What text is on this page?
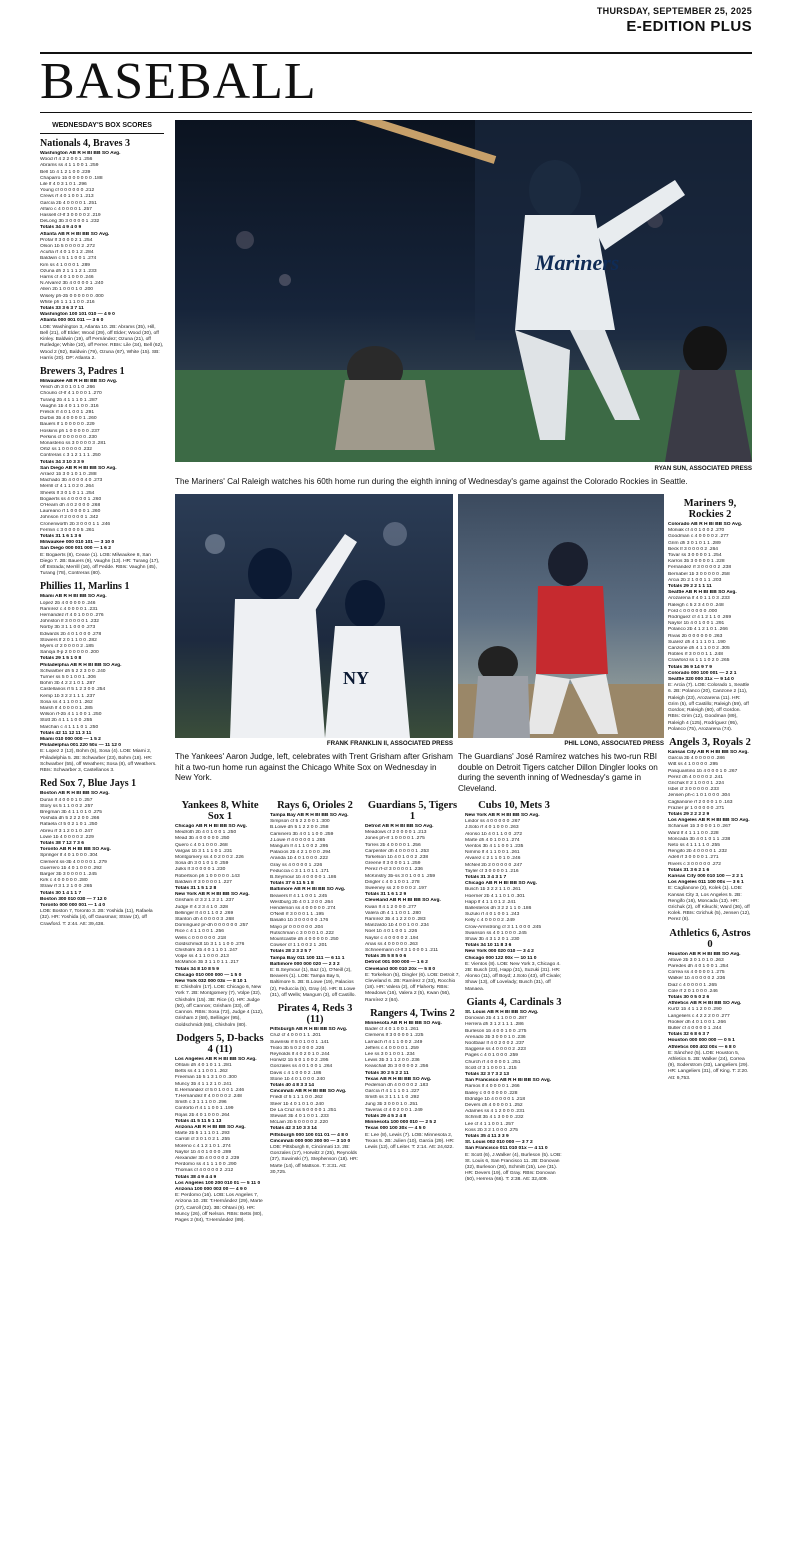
THURSDAY, SEPTEMBER 25, 2025
E-EDITION PLUS
BASEBALL
WEDNESDAY'S BOX SCORES
Nationals 4, Braves 3
Washington AB R H BI BB SO Avg.
Wood rf 4 2 2 0 0 1 .256
Abrams ss 4 1 1 0 0 1 .259
Bell 1b 4 1 2 1 0 0 .239
Chaparro 1b 0 0 0 0 0 0 .188
Lile lf 4 0 3 1 0 1 .296
Young cf 0 0 0 0 0 0 .212
Crews rf 4 0 1 0 0 1 .213
García 2b 4 0 0 0 0 1 .251
Alfaro c 4 0 0 0 0 1 .257
Hassell cf-lf 3 0 0 0 0 2 .219
DeLong 3b 3 0 0 0 0 1 .232
Totals 34 4 9 4 0 9
Atlanta AB R H BI BB SO Avg.
Profar lf 3 0 0 0 2 1 .254
Olson 1b 5 0 0 0 0 2 .272
Acuña rf 4 0 1 0 1 2 .284
Baldwin c 5 1 1 0 0 1 .274
Kim ss 4 1 0 0 0 1 .289
Ozuna dh 2 1 1 1 2 1 .233
Harris cf 4 0 1 0 0 0 .246
N.Alvarez 3b 4 0 0 0 0 1 .240
Allen 2b 1 0 0 0 1 0 .200
Wisely ph-2b 0 0 0 0 0 0 .000
White ph 1 1 1 1 0 0 .216
Totals 33 3 6 3 7 11
Washington 100 101 010 — 4 9 0
Atlanta 000 001 011 — 3 6 0
LOB: Washington 3, Atlanta 10. 2B: Abrams (35), Hill, Bell (21), off Elder; Wood (29), off Elder; Wood (30), off Kinley. Baldwin (19), off Fernández; Ozuna (21), off Rutledge; White (10), off Ferrer. RBIs: Lile (34), Bell (62), Wood 2 (92), Baldwin (79), Ozuna (67), White (15). SB: Harris (20). DP: Atlanta 2.
Brewers 3, Padres 1
Milwaukee AB R H BI BB SO Avg.
Yelich dh 3 0 1 0 1 0 .266
Chourio cf-lf 4 1 0 0 0 1 .270
Turang 2b 4 1 1 1 0 1 .287
Vaughn 1b 4 0 1 1 0 0 .316
Frelick rf 4 0 1 0 0 1 .291
Durbin 3b 4 0 0 0 0 1 .260
Bauers lf 1 0 0 0 0 0 .229
Hoskins ph 1 0 0 0 0 0 .237
Perkins cf 0 0 0 0 0 0 .230
Monasterio ss 3 0 0 0 0 3 .281
Ortiz ss 1 0 0 0 0 0 .232
Contreras c 3 1 2 1 1 1 .250
Totals 34 3 10 3 3 9
San Diego AB R H BI BB SO Avg.
Arraez 1b 3 0 1 0 1 0 .288
Machado 3b 4 0 0 0 4 0 .273
Merrill cf 4 1 1 0 2 0 .264
Sheets lf 3 0 1 0 1 1 .254
Bogaerts ss 4 0 0 0 0 1 .260
O'Hearn dh 4 0 2 0 0 0 .268
Laureano rf 1 0 0 0 0 1 .260
Johnson rf 2 0 0 0 0 1 .342
Cronenworth 2b 3 0 0 0 1 1 .246
Fermin c 3 0 0 0 0 5 .261
Totals 31 1 6 1 3 6
Milwaukee 000 010 101 — 3 10 0
San Diego 000 001 000 — 1 6 2
E: Bogaerts (8), Cease (1). LOB: Milwaukee 8, San Diego 7. 2B: Bauers (9), Vaughn (13). HR: Turang (17), off Estrada; Merrill (16), off Fedde. RBIs: Vaughn (45), Turang (78), Contreras (80).
Phillies 11, Marlins 1
Miami AB R H BI BB SO Avg.
Lopez 2b 4 0 0 0 0 0 .246
Ramírez c 4 0 0 0 0 1 .231
Hernández rf 4 0 1 0 0 0 .276
Johnston lf 3 0 0 0 0 1 .232
Norby 3b 3 1 1 0 0 0 .273
Edwards 2b 4 0 1 0 0 0 .278
Stowers lf 2 0 1 1 0 0 .282
Myers cf 2 0 0 0 0 2 .185
Sanoja lf-p 2 0 0 0 0 0 .200
Totals 29 1 5 1 0 8
Philadelphia AB R H BI BB SO Avg.
Schwarber dh 5 2 2 3 0 0 .240
Turner ss 5 0 1 0 0 1 .306
Bohm 3b 4 2 2 1 0 1 .287
Castellanos rf 5 1 2 3 0 0 .254
Kemp 1b 3 2 2 1 1 1 .237
Sosa ss 4 1 1 0 0 1 .262
Marsh lf 4 0 0 0 0 1 .285
Wilson rf-2b 4 1 1 0 0 1 .250
Stott 2b 4 1 1 1 0 0 .255
Marchan c 4 1 1 1 0 1 .250
Totals 42 11 12 11 3 11
Miami 010 000 000 — 1 5 2
Philadelphia 001 220 50x — 11 12 0
E: Lopez 2 (12), Bohm (5), Sosa (4). LOB: Miami 2, Philadelphia 5. 2B: Schwarber (23), Bohm (18). HR: Schwarber (55), off Weathers; Sosa (8), off Weathers. RBIs: Schwarber 3, Castellanos 3.
Red Sox 7, Blue Jays 1
Boston AB R H BI BB SO Avg.
Duran lf 4 0 0 0 1 0 .257
Story ss 5 1 1 0 0 2 .257
Bregman 3b 4 1 1 0 1 0 .275
Yoshida dh 5 2 2 2 0 0 .266
Rafaela cf 5 0 2 1 0 1 .250
Abreu rf 3 1 2 0 1 0 .247
Lowe 1b 4 0 0 0 0 2 .229
Totals 38 7 12 7 3 6
Toronto AB R H BI BB SO Avg.
Springer lf 4 0 1 0 0 0 .304
Clement ss-3b 4 0 0 0 0 1 .279
Guerrero 1b 4 0 1 0 0 0 .292
Barger 3b 3 0 0 0 0 1 .245
Kirk c 4 0 0 0 0 0 .280
Straw rf 3 1 2 1 0 0 .265
Totals 30 1 4 1 1 7
Boston 300 010 030 — 7 12 0
Toronto 000 000 001 — 1 4 0
LOB: Boston 7, Toronto 3. 2B: Yoshida (11), Rafaela (32). HR: Yoshida (4), off Gausman; Straw (3), off Crawford. T: 2:44. Att: 39,438.
Mariners
RYAN SUN, ASSOCIATED PRESS
The Mariners' Cal Raleigh watches his 60th home run during the eighth inning of Wednesday's game against the Colorado Rockies in Seattle.
NY
FRANK FRANKLIN II, ASSOCIATED PRESS
The Yankees' Aaron Judge, left, celebrates with Trent Grisham after Grisham hit a two-run home run against the Chicago White Sox on Wednesday in New York.
PHIL LONG, ASSOCIATED PRESS
The Guardians' José Ramírez watches his two-run RBI double on Detroit Tigers catcher Dillon Dingler looks on during the seventh inning of Wednesday's game in Cleveland.
Mariners 9, Rockies 2
Colorado AB R H BI BB SO Avg.
Moniak cf 4 0 1 0 0 2 .270
Goodman c 4 0 0 0 0 2 .277
Grim dh 3 0 1 0 1 1 .289
Beck lf 3 0 0 0 0 2 .264
Tovar ss 3 0 0 0 0 1 .254
Karros 3b 3 0 0 0 0 1 .228
Fernández rf 3 0 0 0 0 2 .238
Bernabel 1b 3 0 0 0 0 0 .258
Arcia 2b 2 1 0 0 1 1 .203
Totals 29 2 2 1 1 11
Seattle AB R H BI BB SO Avg.
Arozarena lf 4 0 1 1 0 3 .233
Raleigh c 5 2 3 4 0 0 .248
Ford c 0 0 0 0 0 0 .000
Rodríguez cf 4 1 2 1 1 0 .269
Naylor 1b 4 0 1 0 0 1 .291
Polanco 2b 4 1 2 1 0 1 .266
Rivas 2b 0 0 0 0 0 0 .263
Suárez dh 4 1 1 1 0 1 .190
Canzone dh 4 1 1 0 0 2 .305
Robles rf 3 0 0 0 1 1 .248
Crawford ss 1 1 1 0 2 0 .265
Totals 36 9 14 9 7 9
Colorado 000 100 001 — 2 2 1
Seattle 320 000 31x — 9 14 0
E: Arcia (7). LOB: Colorado 1, Seattle 6. 2B: Polanco (20), Canzone 2 (11), Raleigh (23), Arozarena (11). HR: Grim (5), off Castillo; Raleigh (59), off Gordon; Raleigh (60), off Gordon. RBIs: Grim (12), Goodman (89), Raleigh 4 (125), Rodríguez (95), Polanco (75), Arozarena (74).
Angels 3, Royals 2
Kansas City AB R H BI BB SO Avg.
García 3b 4 0 0 0 0 0 .286
Witt ss 4 1 0 0 0 0 .295
Pasquantino 1b 4 0 0 0 1 0 .267
Perez dh 4 0 0 0 0 2 .241
Grichuk lf 2 1 0 0 0 1 .224
Isbel cf 3 0 0 0 0 0 .233
Jensen ph-c 1 0 1 0 0 0 .304
Caglianone rf 2 0 0 0 1 0 .163
Frazier pr 1 0 0 0 0 0 .271
Totals 29 2 2 2 2 9
Los Angeles AB R H BI BB SO Avg.
Schanuel 1b 3 0 0 0 1 0 .267
Ward lf 4 1 1 1 0 0 .228
Moncada 3b 4 0 1 0 1 1 .238
Neto ss 4 1 1 1 1 0 .255
Rengifo 2b 4 0 0 0 0 1 .232
Adell rf 3 0 0 0 0 1 .271
Rivers c 3 0 0 0 0 0 .272
Totals 31 3 6 2 1 6
Kansas City 000 010 100 — 2 2 1
Los Angeles 011 100 00x — 3 6 1
E: Caglianone (2), Kolek (1). LOB: Kansas City 3, Los Angeles 5. 2B: Rengifo (16), Moncada (13). HR: Grichuk (2), off Kikuchi; Ward (36), off Kolek. RBIs: Grichuk (5), Jensen (12), Perez (8).
Athletics 6, Astros 0
Houston AB R H BI BB SO Avg.
Altuve 2b 3 0 1 0 1 0 .263
Paredes dh 4 0 1 0 0 1 .254
Correa ss 4 0 0 0 0 1 .275
Walker 1b 4 0 0 0 0 2 .236
Diaz c 4 0 0 0 0 1 .265
Cole rf 2 0 1 0 0 0 .246
Totals 30 0 5 0 2 6
Athletics AB R H BI BB SO Avg.
Kurtz 1b 4 1 1 2 0 0 .290
Langeliers c 4 2 2 2 0 0 .277
Rooker dh 4 0 1 0 0 1 .266
Butler cf 4 0 0 0 0 1 .244
Totals 32 6 8 6 3 7
Houston 000 000 000 — 0 5 1
Athletics 000 402 00x — 6 8 0
E: Sánchez (5). LOB: Houston 5, Athletics 5. 2B: Walker (24), Correa (9), Soderstrom (33), Langeliers (29). HR: Langeliers (31), off King. T: 2:20. Att: 9,753.
Yankees 8, White Sox 1
Chicago AB R H BI BB SO Avg.
Meidroth 2b 4 0 1 0 0 1 .250
Mead 3b 4 0 0 0 0 0 .250
Quero c 4 0 1 0 0 0 .268
Vargas 1b 3 1 1 1 0 1 .231
Montgomery ss 4 0 2 0 0 2 .226
Sosa dh 3 0 1 0 1 0 .259
Julks lf 3 0 0 0 0 1 .230
Robertson ph 1 0 0 0 0 0 .143
Baldwin rf 3 0 0 0 0 1 .227
Totals 31 1 5 1 2 8
New York AB R H BI BB SO Avg.
Grisham cf 3 2 1 2 2 1 .237
Judge rf 4 2 3 4 1 0 .328
Bellinger lf 4 0 1 1 0 2 .269
Stanton dh 4 0 0 0 0 3 .268
Domínguez pr-dh 0 0 0 0 0 0 .257
Rice c 4 1 1 0 0 1 .256
Wells c 0 0 0 0 0 0 .218
Goldschmidt 1b 3 1 1 1 0 0 .276
Chisholm 2b 4 0 1 1 0 1 .247
Volpe ss 4 1 1 0 0 0 .213
McMahon 3b 3 1 1 0 1 1 .217
Totals 34 8 10 8 5 9
Chicago 010 000 000 — 1 5 0
New York 032 000 03x — 8 10 1
E: Chisholm (17). LOB: Chicago 6, New York 7. 2B: Montgomery (7), Volpe (32), Chisholm (15). 3B: Rice (4). HR: Judge (50), off Cannon; Grisham (33), off Cannon. RBIs: Sosa (72), Judge 4 (112), Grisham 2 (68), Bellinger (95), Goldschmidt (65), Chisholm (80).
Dodgers 5, D-backs 4 (11)
Los Angeles AB R H BI BB SO Avg.
Ohtani dh 4 0 1 0 1 1 .281
Betts ss 4 1 1 0 0 1 .262
Freeman 1b 5 1 3 1 0 0 .300
Muncy 3b 4 1 1 2 1 0 .241
E.Hernández cf 5 0 1 0 0 1 .246
T.Hernández lf 4 0 0 0 0 2 .248
Smith c 3 1 1 1 0 0 .296
Conforto rf 4 1 1 0 0 1 .199
Rojas 2b 4 0 1 0 0 0 .264
Totals 41 5 11 5 1 13
Arizona AB R H BI BB SO Avg.
Marte 2b 5 1 1 1 0 1 .293
Carroll cf 3 0 1 0 2 1 .255
Moreno c 4 1 2 1 0 1 .274
Naylor 1b 4 0 1 0 0 0 .289
Alexander 3b 4 0 0 0 0 2 .239
Perdomo ss 4 1 1 1 0 0 .290
Thomas cf 4 0 0 0 0 2 .212
Totals 38 4 9 4 4 9
Los Angeles 100 200 010 01 — 5 11 0
Arizona 100 000 003 00 — 4 9 0
E: Perdomo (16). LOB: Los Angeles 7, Arizona 10. 2B: T.Hernández (29), Marte (27), Carroll (32). 3B: Ohtani (9). HR: Muncy (26), off Nelson. RBIs: Betts (80), Pages 2 (84), T.Hernández (89).
Rays 6, Orioles 2
Tampa Bay AB R H BI BB SO Avg.
Simpson cf 5 2 2 0 0 1 .300
B.Lowe dh 5 1 2 2 0 0 .258
Caminero 3b 4 0 1 1 0 0 .259
J.Lowe rf 4 0 0 0 0 1 .265
Mangum lf 4 1 1 0 0 2 .295
Palacios 2b 4 2 1 0 0 0 .294
Aranda 1b 4 0 1 0 0 0 .222
Gray ss 4 0 0 0 0 1 .226
Feduccia c 3 1 1 0 1 1 .171
B.Seymour 1b 4 0 0 0 0 1 .186
Totals 37 6 11 5 1 8
Baltimore AB R H BI BB SO Avg.
Beavers lf 4 1 1 0 0 1 .245
Westburg 2b 4 0 1 2 0 0 .264
Henderson ss 4 0 0 0 0 0 .274
O'Neill rf 3 0 0 0 1 1 .195
Basallo 1b 3 0 0 0 0 0 .176
Mayo pr 0 0 0 0 0 0 .204
Rutschman c 3 0 0 0 1 0 .222
Mountcastle dh 4 0 0 0 0 0 .250
Cowser cf 1 1 0 0 2 1 .201
Totals 28 2 3 2 5 7
Tampa Bay 011 100 111 — 6 11 1
Baltimore 000 000 020 — 2 3 2
E: B.Seymour (1), Baz (1), O'Neill (2), Beavers (1). LOB: Tampa Bay 5, Baltimore 5. 2B: B.Lowe (19), Palacios (2), Feduccia (5), Gray (4). HR: B.Lowe (31), off Wells; Mangum (3), off Castillo.
Pirates 4, Reds 3 (11)
Pittsburgh AB R H BI BB SO Avg.
Cruz cf 4 0 0 0 1 1 .201
Suwinski rf 5 0 1 0 0 1 .141
Triolo 3b 5 0 2 0 0 0 .226
Reynolds lf 4 0 2 0 1 0 .244
Horwitz 1b 5 0 1 0 0 2 .295
Gonzales ss 4 0 1 0 0 1 .264
Davis c 4 1 0 0 0 2 .186
Stone 1b 4 0 1 0 0 0 .240
Totals 40 4 8 3 3 14
Cincinnati AB R H BI BB SO Avg.
Friedl cf 5 1 1 1 0 0 .262
Steer 1b 4 0 1 0 1 0 .240
De La Cruz ss 5 0 0 0 0 1 .251
Stewart 3b 4 0 1 0 0 1 .233
McLain 2b 5 0 0 0 0 2 .220
Totals 42 3 10 3 3 14
Pittsburgh 000 100 011 01 — 4 8 0
Cincinnati 000 000 300 00 — 3 10 0
LOB: Pittsburgh 8, Cincinnati 13. 2B: Gonzales (17), Horwitz 2 (25), Reynolds (37), Suwinski (7), Stephenson (18). HR: Marte (14), off Mattson. T: 3:31. Att: 30,725.
Guardians 5, Tigers 1
Detroit AB R H BI BB SO Avg.
Meadows cf 2 0 0 0 0 1 .213
Jones ph-rf 1 0 0 0 0 1 .275
Torres 2b 4 0 0 0 0 1 .256
Carpenter dh 4 0 0 0 0 1 .253
Torkelson 1b 4 0 1 0 0 2 .238
Greene lf 3 0 0 0 1 1 .259
Pérez rf-cf 3 0 0 0 0 1 .236
McKinstry 3b-ss 3 0 1 0 0 1 .259
Dingler c 4 0 1 0 0 1 .278
Sweeney ss 2 0 0 0 0 2 .197
Totals 31 1 6 1 2 9
Cleveland AB R H BI BB SO Avg.
Kwan lf 4 1 2 0 0 0 .277
Valera dh 4 1 1 0 0 1 .280
Ramírez 3b 4 1 2 2 0 0 .283
Manzardo 1b 4 0 0 1 0 0 .234
Noel 1b 4 0 1 0 0 1 .226
Naylor c 4 0 0 0 0 2 .194
Arias ss 4 0 0 0 0 0 .263
Schneemann cf-lf 3 1 0 0 0 1 .211
Totals 35 5 8 5 0 6
Detroit 001 000 000 — 1 6 2
Cleveland 000 010 20x — 5 8 0
E: Torkelson (5), Dingler (6). LOB: Detroit 7, Cleveland 6. 2B: Ramírez 2 (33), Rocchio (18). HR: Valera (2), off Flaherty. RBIs: Meadows (16), Valera 2 (5), Kwan (56), Ramírez 2 (84).
Rangers 4, Twins 2
Minnesota AB R H BI BB SO Avg.
Bader cf 4 0 1 0 0 1 .261
Clemens lf 3 0 0 0 0 1 .225
Larnach rf 4 1 1 0 0 2 .249
Jeffers c 4 0 0 0 0 1 .259
Lee ss 3 0 1 0 0 1 .234
Lewis 3b 3 1 1 2 0 0 .236
Keaschall 2b 3 0 0 0 0 2 .256
Totals 30 2 5 2 2 11
Texas AB R H BI BB SO Avg.
Pederson dh 4 0 0 0 0 2 .183
García rf 4 1 1 1 0 1 .227
Smith ss 3 1 1 1 1 0 .292
Jung 3b 3 0 0 0 1 0 .251
Taveras cf 4 0 2 0 0 1 .249
Totals 29 4 5 2 4 8
Minnesota 100 000 010 — 2 5 2
Texas 000 100 30x — 4 5 0
E: Lee (8), Lewis (7). LOB: Minnesota 2, Texas 5. 2B: Julien (10), Garcia (29). HR: Lewis (12), off Leiter. T: 2:14. Att: 24,622.
Cubs 10, Mets 3
New York AB R H BI BB SO Avg.
Lindor ss 4 0 0 0 0 0 .267
J.Soto rf 4 0 1 0 0 0 .263
Alonso 1b 4 0 1 1 0 0 .272
Marte dh 4 0 1 0 0 1 .274
Vientos 3b 4 1 1 0 0 1 .235
Nimmo lf 4 1 1 0 0 1 .261
Alvarez c 2 1 1 0 1 0 .246
McNeil 2b 2 0 0 0 0 0 .247
Tayler cf 3 0 0 0 0 1 .216
Totals 31 3 4 3 1 7
Chicago AB R H BI BB SO Avg.
Busch 1b 3 2 2 1 1 0 .261
Hoerner 2b 4 1 1 0 1 0 .301
Happ lf 4 1 1 0 1 2 .241
Ballesteros dh 3 2 2 1 1 0 .186
Suzuki rf 4 0 1 0 0 1 .243
Kelly c 4 0 0 0 0 2 .249
Crow-Armstrong cf 3 1 1 0 0 0 .245
Swanson ss 4 0 1 0 0 0 .245
Shaw 3b 4 3 1 2 0 1 .230
Totals 34 10 11 8 3 6
New York 000 020 010 — 3 4 2
Chicago 000 122 00x — 10 11 0
E: Vientos (8). LOB: New York 3, Chicago 4. 2B: Busch (23), Happ (31), Suzuki (31). HR: Alonso (11), off Boyd; J.Soto (43), off Civale; Shaw (13), off Lovelady; Busch (31), off Manaea.
Giants 4, Cardinals 3
St. Louis AB R H BI BB SO Avg.
Donovan 2b 4 1 1 0 0 0 .287
Herrera dh 3 1 2 1 1 1 .286
Burleson 1b 4 0 0 1 0 0 .275
Arenado 3b 3 0 0 0 1 0 .236
Nootbaar lf 4 0 2 0 0 2 .237
Saggese ss 4 0 0 0 0 2 .223
Pagés c 4 0 1 0 0 0 .259
Church rf 4 0 0 0 0 1 .251
Scott cf 3 1 0 0 0 1 .215
Totals 32 3 7 3 2 13
San Francisco AB R H BI BB SO Avg.
Ramos lf 4 0 0 0 0 1 .266
Bailey c 0 0 0 0 0 0 .228
Eldridge 1b 4 0 0 0 0 1 .218
Devers dh 4 0 0 0 0 1 .252
Adames ss 4 1 2 0 0 0 .231
Schmitt 3b 4 1 3 0 0 0 .232
Lee cf 4 1 1 0 0 1 .257
Koss 2b 3 2 1 0 0 0 .275
Totals 35 4 11 3 3 9
St. Louis 002 010 000 — 3 7 2
San Francisco 011 010 01x — 4 11 0
E: Scott (6), J.Walker (4), Burleson (5). LOB: St. Louis 6, San Francisco 11. 2B: Donovan (32), Burleson (26), Schmitt (15), Lee (31). HR: Devers (19), off Gray. RBIs: Donovan (50), Herrera (66). T: 2:38. Att: 32,409.
